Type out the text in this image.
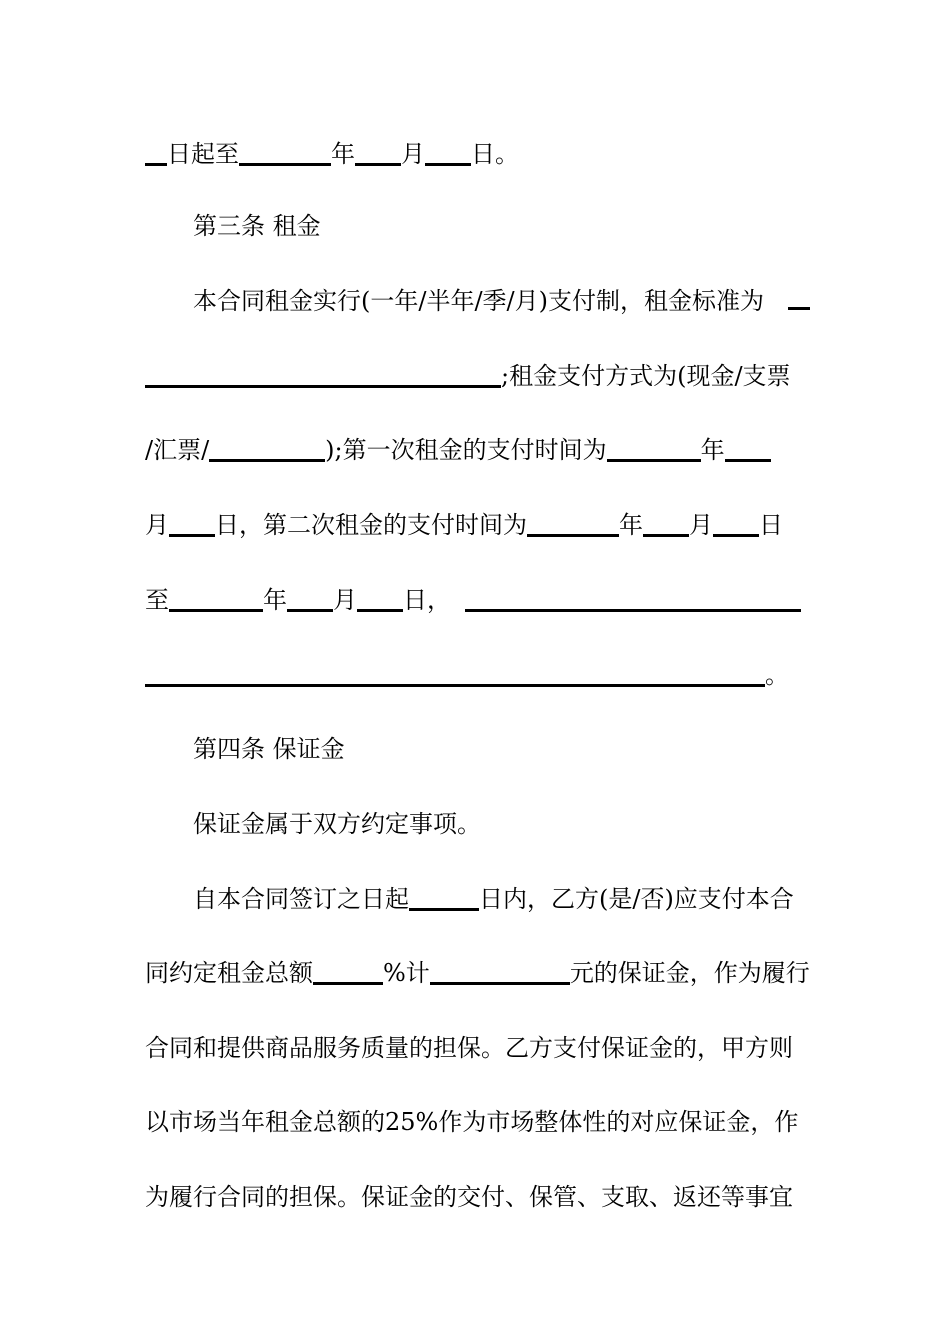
日起至	年 月 日。
第三条 租金
本合同租金实行(一年/半年/季/月)支付制，租金标准为
;租金支付方式为(现金/支票
/汇票/	);第一次租金的支付时间为	年
月 日，第二次租金的支付时间为	年 月 日
至	年 月 日，
。
第四条 保证金
保证金属于双方约定事项。
自本合同签订之日起	日内，乙方(是/否)应支付本合
同约定租金总额	%计	元的保证金，作为履行
合同和提供商品服务质量的担保。乙方支付保证金的，甲方则
以市场当年租金总额的25%作为市场整体性的对应保证金，作
为履行合同的担保。保证金的交付、保管、支取、返还等事宜
